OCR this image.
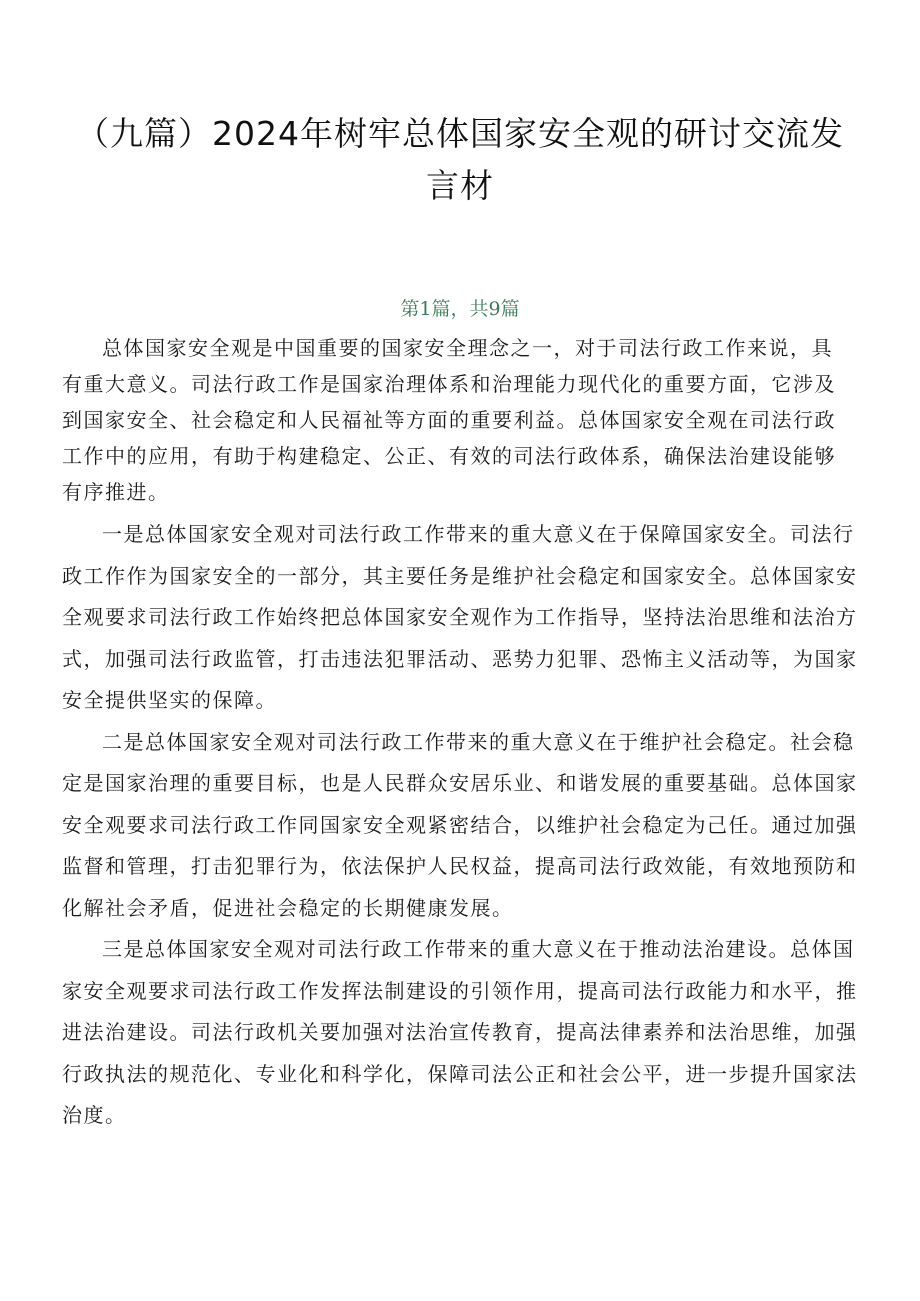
（九篇）2024年树牢总体国家安全观的研讨交流发
言材
第1篇，共9篇

总体国家安全观是中国重要的国家安全理念之一，对于司法行政工作来说，具有重大意义。司法行政工作是国家治理体系和治理能力现代化的重要方面，它涉及到国家安全、社会稳定和人民福祉等方面的重要利益。总体国家安全观在司法行政工作中的应用，有助于构建稳定、公正、有效的司法行政体系，确保法治建设能够有序推进。

一是总体国家安全观对司法行政工作带来的重大意义在于保障国家安全。司法行政工作作为国家安全的一部分，其主要任务是维护社会稳定和国家安全。总体国家安全观要求司法行政工作始终把总体国家安全观作为工作指导，坚持法治思维和法治方式，加强司法行政监管，打击违法犯罪活动、恶势力犯罪、恐怖主义活动等，为国家安全提供坚实的保障。

二是总体国家安全观对司法行政工作带来的重大意义在于维护社会稳定。社会稳定是国家治理的重要目标，也是人民群众安居乐业、和谐发展的重要基础。总体国家安全观要求司法行政工作同国家安全观紧密结合，以维护社会稳定为己任。通过加强监督和管理，打击犯罪行为，依法保护人民权益，提高司法行政效能，有效地预防和化解社会矛盾，促进社会稳定的长期健康发展。

三是总体国家安全观对司法行政工作带来的重大意义在于推动法治建设。总体国家安全观要求司法行政工作发挥法制建设的引领作用，提高司法行政能力和水平，推进法治建设。司法行政机关要加强对法治宣传教育，提高法律素养和法治思维，加强行政执法的规范化、专业化和科学化，保障司法公正和社会公平，进一步提升国家法治度。
